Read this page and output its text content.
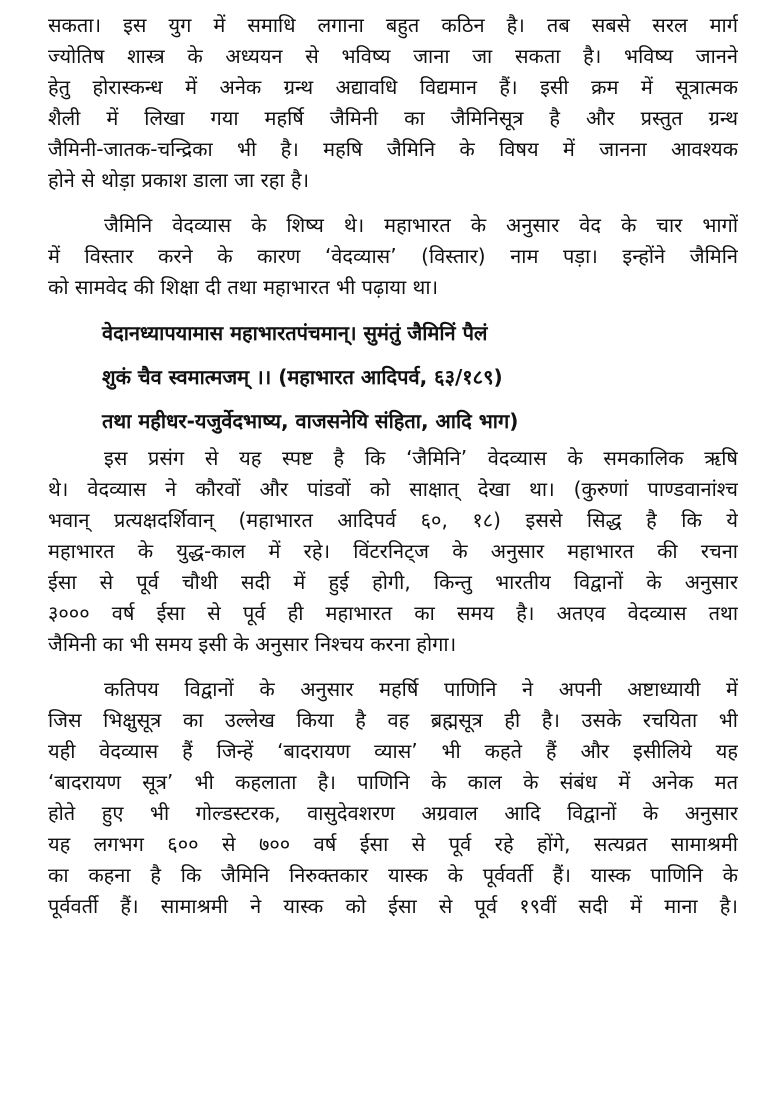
सकता। इस युग में समाधि लगाना बहुत कठिन है। तब सबसे सरल मार्ग
ज्योतिष शास्त्र के अध्ययन से भविष्य जाना जा सकता है। भविष्य जानने
हेतु होरास्कन्ध में अनेक ग्रन्थ अद्यावधि विद्यमान हैं। इसी क्रम में सूत्रात्मक
शैली में लिखा गया महर्षि जैमिनी का जैमिनिसूत्र है और प्रस्तुत ग्रन्थ
जैमिनी-जातक-चन्द्रिका भी है। महषि जैमिनि के विषय में जानना आवश्यक
होने से थोड़ा प्रकाश डाला जा रहा है।
जैमिनि वेदव्यास के शिष्य थे। महाभारत के अनुसार वेद के चार भागों
में विस्तार करने के कारण ‘वेदव्यास’ (विस्तार) नाम पड़ा। इन्होंने जैमिनि
को सामवेद की शिक्षा दी तथा महाभारत भी पढ़ाया था।
वेदानध्यापयामास महाभारतपंचमान्। सुमंतुं जैमिनिं पैलं
शुकं चैव स्वमात्मजम् ।। (महाभारत आदिपर्व, ६३/१८९)
तथा महीधर-यजुर्वेदभाष्य, वाजसनेयि संहिता, आदि भाग)
इस प्रसंग से यह स्पष्ट है कि ‘जैमिनि’ वेदव्यास के समकालिक ऋषि
थे। वेदव्यास ने कौरवों और पांडवों को साक्षात् देखा था। (कुरुणां पाण्डवानांश्च
भवान् प्रत्यक्षदर्शिवान् (महाभारत आदिपर्व ६०, १८) इससे सिद्ध है कि ये
महाभारत के युद्ध-काल में रहे। विंटरनिट्ज के अनुसार महाभारत की रचना
ईसा से पूर्व चौथी सदी में हुई होगी, किन्तु भारतीय विद्वानों के अनुसार
३००० वर्ष ईसा से पूर्व ही महाभारत का समय है। अतएव वेदव्यास तथा
जैमिनी का भी समय इसी के अनुसार निश्चय करना होगा।
कतिपय विद्वानों के अनुसार महर्षि पाणिनि ने अपनी अष्टाध्यायी में
जिस भिक्षुसूत्र का उल्लेख किया है वह ब्रह्मसूत्र ही है। उसके रचयिता भी
यही वेदव्यास हैं जिन्हें ‘बादरायण व्यास’ भी कहते हैं और इसीलिये यह
‘बादरायण सूत्र’ भी कहलाता है। पाणिनि के काल के संबंध में अनेक मत
होते हुए भी गोल्डस्टरक, वासुदेवशरण अग्रवाल आदि विद्वानों के अनुसार
यह लगभग ६०० से ७०० वर्ष ईसा से पूर्व रहे होंगे, सत्यव्रत सामाश्रमी
का कहना है कि जैमिनि निरुक्तकार यास्क के पूर्ववर्ती हैं। यास्क पाणिनि के
पूर्ववर्ती हैं। सामाश्रमी ने यास्क को ईसा से पूर्व १९वीं सदी में माना है।
